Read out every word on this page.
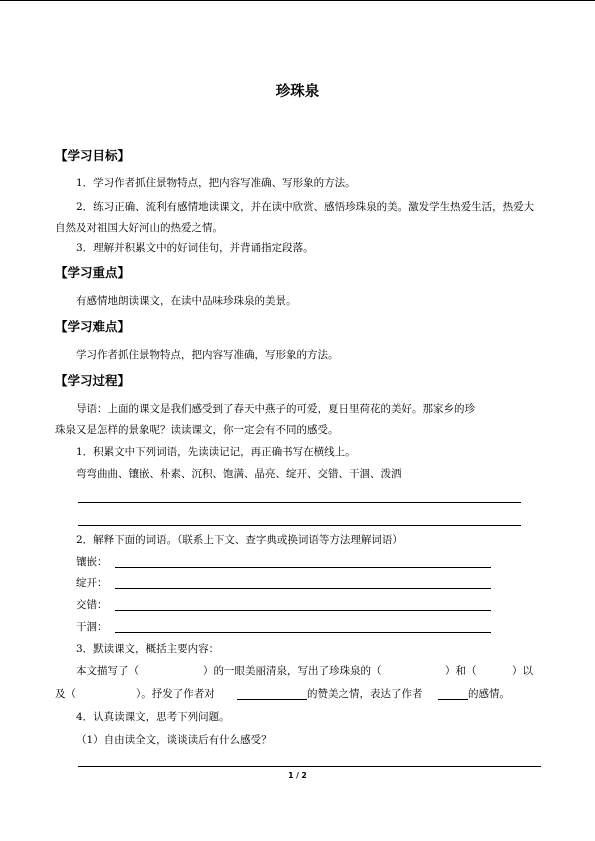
珍珠泉
【学习目标】
1．学习作者抓住景物特点，把内容写准确、写形象的方法。
2．练习正确、流利有感情地读课文，并在读中欣赏、感悟珍珠泉的美。激发学生热爱生活，热爱大自然及对祖国大好河山的热爱之情。
3．理解并积累文中的好词佳句，并背诵指定段落。
【学习重点】
有感情地朗读课文，在读中品味珍珠泉的美景。
【学习难点】
学习作者抓住景物特点，把内容写准确，写形象的方法。
【学习过程】
导语：上面的课文是我们感受到了春天中燕子的可爱，夏日里荷花的美好。那家乡的珍
珠泉又是怎样的景象呢？读读课文，你一定会有不同的感受。
1．积累文中下列词语，先读读记记，再正确书写在横线上。
弯弯曲曲、镶嵌、朴素、沉积、饱满、晶亮、绽开、交错、干涸、泼洒
2．解释下面的词语。（联系上下文、查字典或换词语等方法理解词语）
镶嵌：
绽开：
交错：
干涸：
3．默读课文，概括主要内容：
本文描写了（	）的一眼美丽清泉，写出了珍珠泉的（	）和（	）以
及（	）。抒发了作者对	的赞美之情，表达了作者	的感情。
4．认真读课文，思考下列问题。
（1）自由读全文，谈谈读后有什么感受？
1 / 2
